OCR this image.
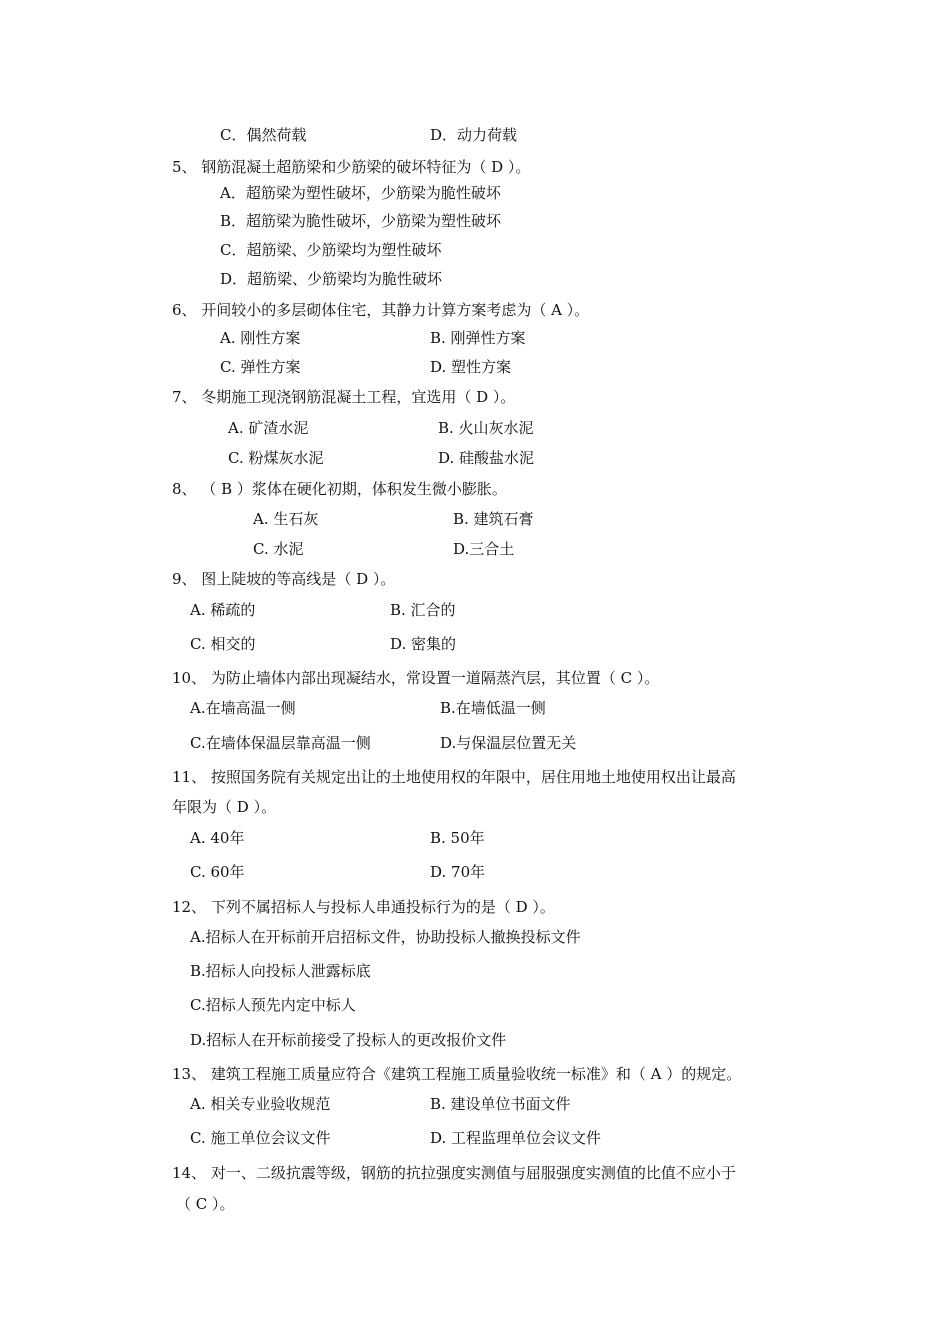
C．偶然荷载	D．动力荷载
5、 钢筋混凝土超筋梁和少筋梁的破坏特征为（ D ）。
A．超筋梁为塑性破坏，少筋梁为脆性破坏
B．超筋梁为脆性破坏，少筋梁为塑性破坏
C．超筋梁、少筋梁均为塑性破坏
D．超筋梁、少筋梁均为脆性破坏
6、 开间较小的多层砌体住宅，其静力计算方案考虑为（ A ）。
A. 刚性方案	B. 刚弹性方案
C. 弹性方案	D. 塑性方案
7、 冬期施工现浇钢筋混凝土工程，宜选用（ D ）。
A. 矿渣水泥	B. 火山灰水泥
C. 粉煤灰水泥	D. 硅酸盐水泥
8、 （ B ）浆体在硬化初期，体积发生微小膨胀。
A. 生石灰	B. 建筑石膏
C. 水泥	D.三合土
9、 图上陡坡的等高线是（ D ）。
A. 稀疏的	B. 汇合的
C. 相交的	D. 密集的
10、 为防止墙体内部出现凝结水，常设置一道隔蒸汽层，其位置（ C ）。
A.在墙高温一侧	B.在墙低温一侧
C.在墙体保温层靠高温一侧	D.与保温层位置无关
11、 按照国务院有关规定出让的土地使用权的年限中，居住用地土地使用权出让最高
年限为（ D ）。
A. 40年	B. 50年
C. 60年	D. 70年
12、 下列不属招标人与投标人串通投标行为的是（ D ）。
A.招标人在开标前开启招标文件，协助投标人撤换投标文件
B.招标人向投标人泄露标底
C.招标人预先内定中标人
D.招标人在开标前接受了投标人的更改报价文件
13、 建筑工程施工质量应符合《建筑工程施工质量验收统一标准》和（ A ）的规定。
A. 相关专业验收规范	B. 建设单位书面文件
C. 施工单位会议文件	D. 工程监理单位会议文件
14、 对一、二级抗震等级，钢筋的抗拉强度实测值与屈服强度实测值的比值不应小于
（ C ）。
